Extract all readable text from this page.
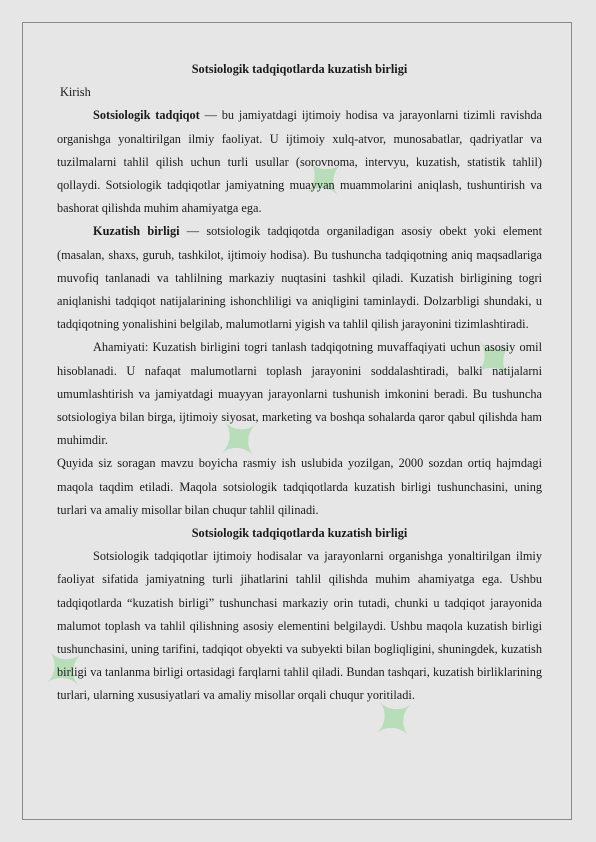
✦
✦
✦
✦
✦

Sotsiologik tadqiqotlarda kuzatish birligi

Kirish

Sotsiologik tadqiqot — bu jamiyatdagi ijtimoiy hodisa va jarayonlarni tizimli ravishda organishga yonaltirilgan ilmiy faoliyat. U ijtimoiy xulq-atvor, munosabatlar, qadriyatlar va tuzilmalarni tahlil qilish uchun turli usullar (sorovnoma, intervyu, kuzatish, statistik tahlil) qollaydi. Sotsiologik tadqiqotlar jamiyatning muayyan muammolarini aniqlash, tushuntirish va bashorat qilishda muhim ahamiyatga ega.

Kuzatish birligi — sotsiologik tadqiqotda organiladigan asosiy obekt yoki element (masalan, shaxs, guruh, tashkilot, ijtimoiy hodisa). Bu tushuncha tadqiqotning aniq maqsadlariga muvofiq tanlanadi va tahlilning markaziy nuqtasini tashkil qiladi. Kuzatish birligining togri aniqlanishi tadqiqot natijalarining ishonchliligi va aniqligini taminlaydi. Dolzarbligi shundaki, u tadqiqotning yonalishini belgilab, malumotlarni yigish va tahlil qilish jarayonini tizimlashtiradi.

Ahamiyati: Kuzatish birligini togri tanlash tadqiqotning muvaffaqiyati uchun asosiy omil hisoblanadi. U nafaqat malumotlarni toplash jarayonini soddalashtiradi, balki natijalarni umumlashtirish va jamiyatdagi muayyan jarayonlarni tushunish imkonini beradi. Bu tushuncha sotsiologiya bilan birga, ijtimoiy siyosat, marketing va boshqa sohalarda qaror qabul qilishda ham muhimdir.

Quyida siz soragan mavzu boyicha rasmiy ish uslubida yozilgan, 2000 sozdan ortiq hajmdagi maqola taqdim etiladi. Maqola sotsiologik tadqiqotlarda kuzatish birligi tushunchasini, uning turlari va amaliy misollar bilan chuqur tahlil qilinadi.

Sotsiologik tadqiqotlarda kuzatish birligi

Sotsiologik tadqiqotlar ijtimoiy hodisalar va jarayonlarni organishga yonaltirilgan ilmiy faoliyat sifatida jamiyatning turli jihatlarini tahlil qilishda muhim ahamiyatga ega. Ushbu tadqiqotlarda “kuzatish birligi” tushunchasi markaziy orin tutadi, chunki u tadqiqot jarayonida malumot toplash va tahlil qilishning asosiy elementini belgilaydi. Ushbu maqola kuzatish birligi tushunchasini, uning tarifini, tadqiqot obyekti va subyekti bilan bogliqligini, shuningdek, kuzatish birligi va tanlanma birligi ortasidagi farqlarni tahlil qiladi. Bundan tashqari, kuzatish birliklarining turlari, ularning xususiyatlari va amaliy misollar orqali chuqur yoritiladi.
